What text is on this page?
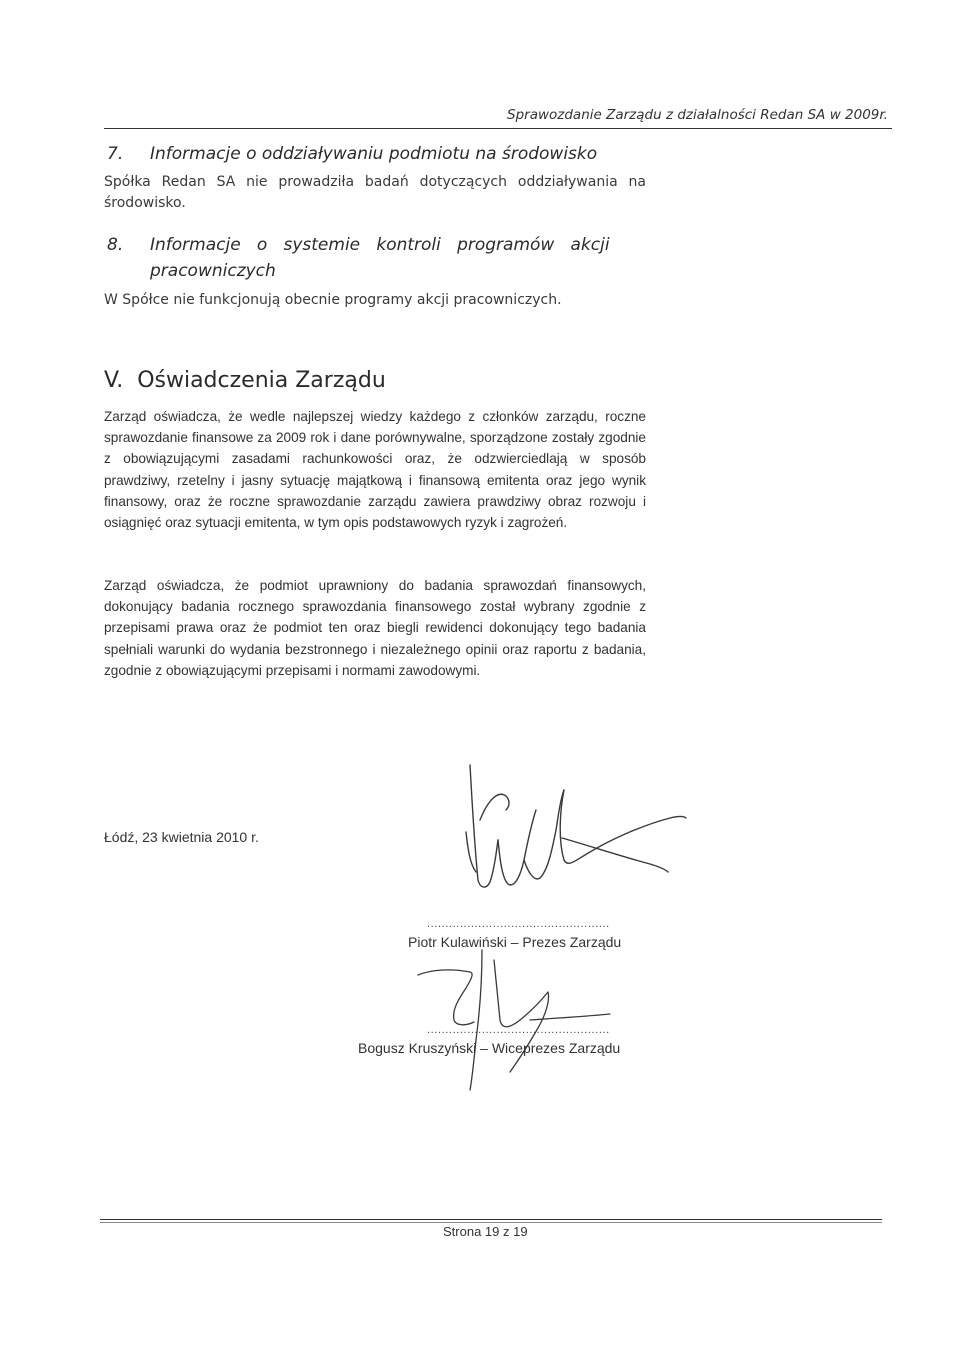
Sprawozdanie Zarządu z działalności Redan SA w 2009r.
7. Informacje o oddziaływaniu podmiotu na środowisko
Spółka Redan SA nie prowadziła badań dotyczących oddziaływania na środowisko.
8. Informacje   o   systemie   kontroli   programów   akcji
pracowniczych
W Spółce nie funkcjonują obecnie programy akcji pracowniczych.
V.  Oświadczenia Zarządu
Zarząd oświadcza, że wedle najlepszej wiedzy każdego z członków zarządu, roczne sprawozdanie finansowe za 2009 rok i dane porównywalne, sporządzone zostały zgodnie z obowiązującymi zasadami rachunkowości oraz, że odzwierciedlają w sposób prawdziwy, rzetelny i jasny sytuację majątkową i finansową emitenta oraz jego wynik finansowy, oraz że roczne sprawozdanie zarządu zawiera prawdziwy obraz rozwoju i osiągnięć oraz sytuacji emitenta, w tym opis podstawowych ryzyk i zagrożeń.
Zarząd oświadcza, że podmiot uprawniony do badania sprawozdań finansowych, dokonujący badania rocznego sprawozdania finansowego został wybrany zgodnie z przepisami prawa oraz że podmiot ten oraz biegli rewidenci dokonujący tego badania spełniali warunki do wydania bezstronnego i niezależnego opinii oraz raportu z badania, zgodnie z obowiązującymi przepisami i normami zawodowymi.
Łódź, 23 kwietnia 2010 r.
..................................................
Piotr Kulawiński – Prezes Zarządu
..................................................
Bogusz Kruszyński – Wiceprezes Zarządu
Strona 19 z 19
